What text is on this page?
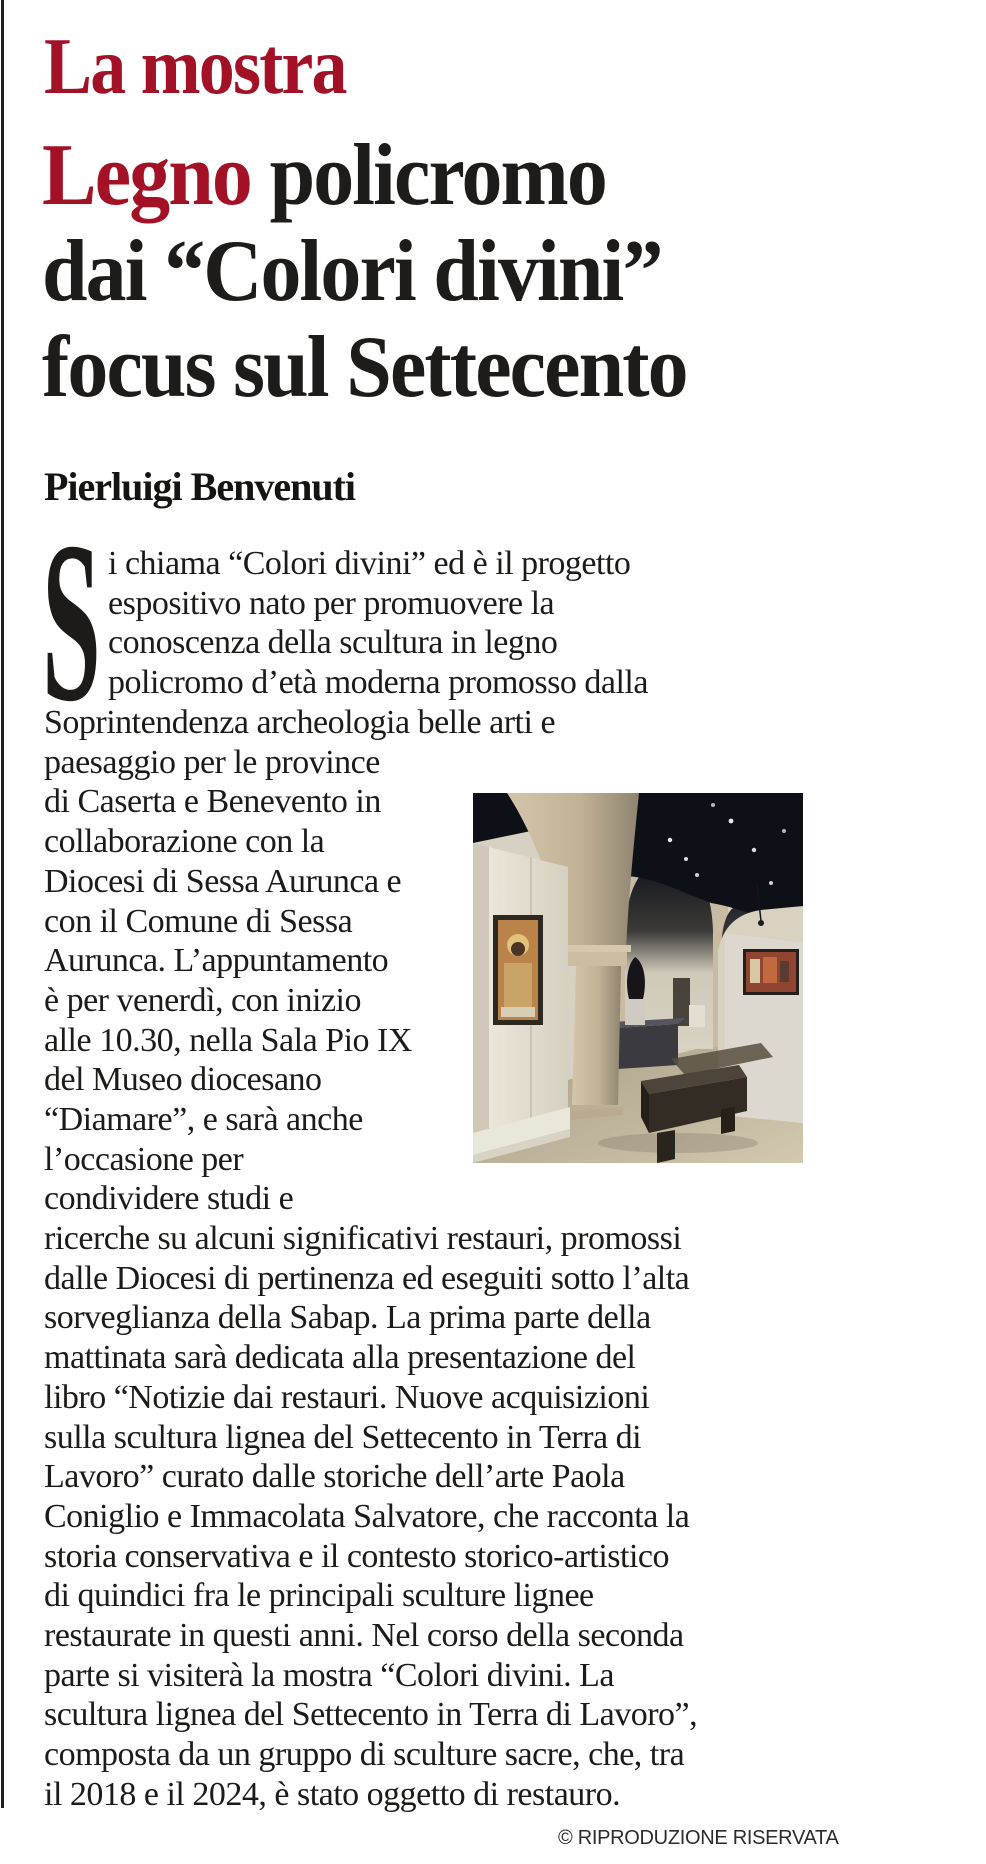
La mostra
Legno policromo
dai “Colori divini”
focus sul Settecento
Pierluigi Benvenuti
S i chiama “Colori divini” ed è il progetto
espositivo nato per promuovere la
conoscenza della scultura in legno
policromo d’età moderna promosso dalla
Soprintendenza archeologia belle arti e
paesaggio per le province
di Caserta e Benevento in
collaborazione con la
Diocesi di Sessa Aurunca e
con il Comune di Sessa
Aurunca. L’appuntamento
è per venerdì, con inizio
alle 10.30, nella Sala Pio IX
del Museo diocesano
“Diamare”, e sarà anche
l’occasione per
condividere studi e
ricerche su alcuni significativi restauri, promossi
dalle Diocesi di pertinenza ed eseguiti sotto l’alta
sorveglianza della Sabap. La prima parte della
mattinata sarà dedicata alla presentazione del
libro “Notizie dai restauri. Nuove acquisizioni
sulla scultura lignea del Settecento in Terra di
Lavoro” curato dalle storiche dell’arte Paola
Coniglio e Immacolata Salvatore, che racconta la
storia conservativa e il contesto storico-artistico
di quindici fra le principali sculture lignee
restaurate in questi anni. Nel corso della seconda
parte si visiterà la mostra “Colori divini. La
scultura lignea del Settecento in Terra di Lavoro”,
composta da un gruppo di sculture sacre, che, tra
il 2018 e il 2024, è stato oggetto di restauro.
© RIPRODUZIONE RISERVATA
